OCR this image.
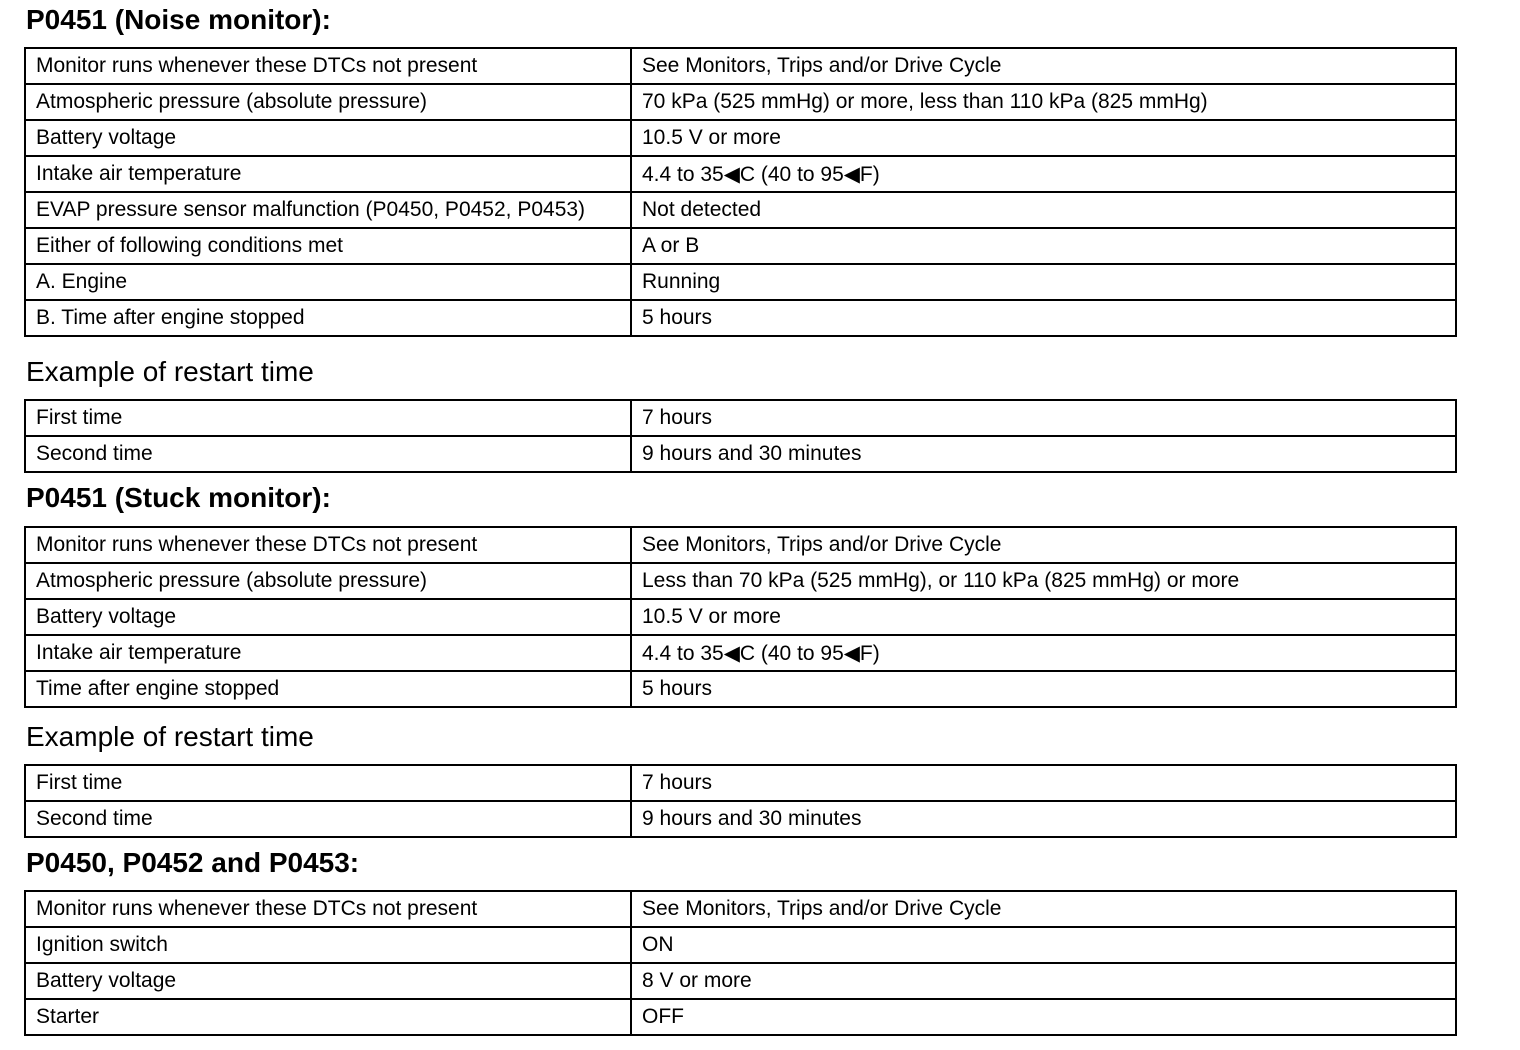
P0451 (Noise monitor):
Monitor runs whenever these DTCs not present	See Monitors, Trips and/or Drive Cycle
Atmospheric pressure (absolute pressure)	70 kPa (525 mmHg) or more, less than 110 kPa (825 mmHg)
Battery voltage	10.5 V or more
Intake air temperature	4.4 to 35◀C (40 to 95◀F)
EVAP pressure sensor malfunction (P0450, P0452, P0453)	Not detected
Either of following conditions met	A or B
A. Engine	Running
B. Time after engine stopped	5 hours
Example of restart time
First time	7 hours
Second time	9 hours and 30 minutes
P0451 (Stuck monitor):
Monitor runs whenever these DTCs not present	See Monitors, Trips and/or Drive Cycle
Atmospheric pressure (absolute pressure)	Less than 70 kPa (525 mmHg), or 110 kPa (825 mmHg) or more
Battery voltage	10.5 V or more
Intake air temperature	4.4 to 35◀C (40 to 95◀F)
Time after engine stopped	5 hours
Example of restart time
First time	7 hours
Second time	9 hours and 30 minutes
P0450, P0452 and P0453:
Monitor runs whenever these DTCs not present	See Monitors, Trips and/or Drive Cycle
Ignition switch	ON
Battery voltage	8 V or more
Starter	OFF
